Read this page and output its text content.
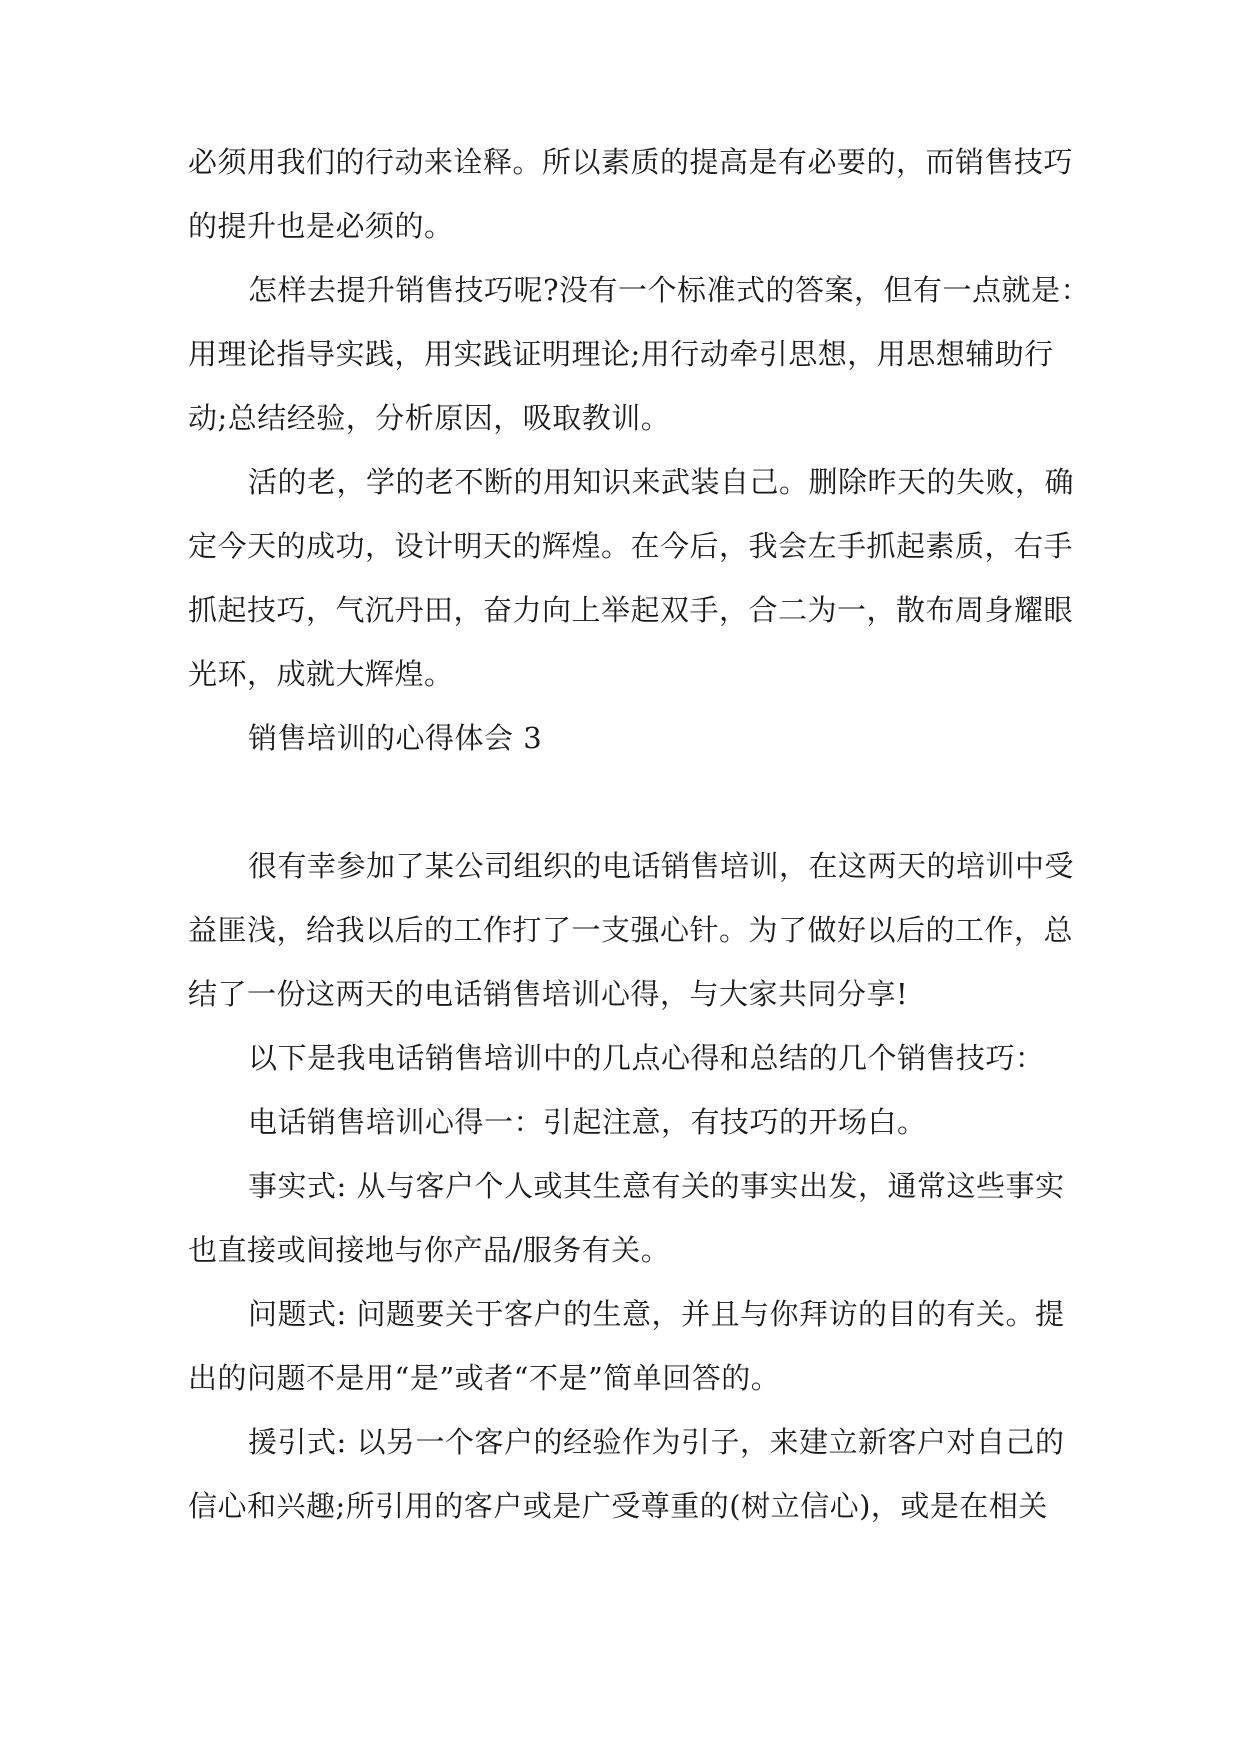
必须用我们的行动来诠释。所以素质的提高是有必要的，而销售技巧
的提升也是必须的。
怎样去提升销售技巧呢?没有一个标准式的答案，但有一点就是：
用理论指导实践，用实践证明理论;用行动牵引思想，用思想辅助行
动;总结经验，分析原因，吸取教训。
活的老，学的老不断的用知识来武装自己。删除昨天的失败，确
定今天的成功，设计明天的辉煌。在今后，我会左手抓起素质，右手
抓起技巧，气沉丹田，奋力向上举起双手，合二为一，散布周身耀眼
光环，成就大辉煌。
销售培训的心得体会 3
很有幸参加了某公司组织的电话销售培训，在这两天的培训中受
益匪浅，给我以后的工作打了一支强心针。为了做好以后的工作，总
结了一份这两天的电话销售培训心得，与大家共同分享!
以下是我电话销售培训中的几点心得和总结的几个销售技巧：
电话销售培训心得一：引起注意，有技巧的开场白。
事实式: 从与客户个人或其生意有关的事实出发，通常这些事实
也直接或间接地与你产品/服务有关。
问题式: 问题要关于客户的生意，并且与你拜访的目的有关。提
出的问题不是用“是”或者“不是”简单回答的。
援引式: 以另一个客户的经验作为引子，来建立新客户对自己的
信心和兴趣;所引用的客户或是广受尊重的(树立信心)，或是在相关
